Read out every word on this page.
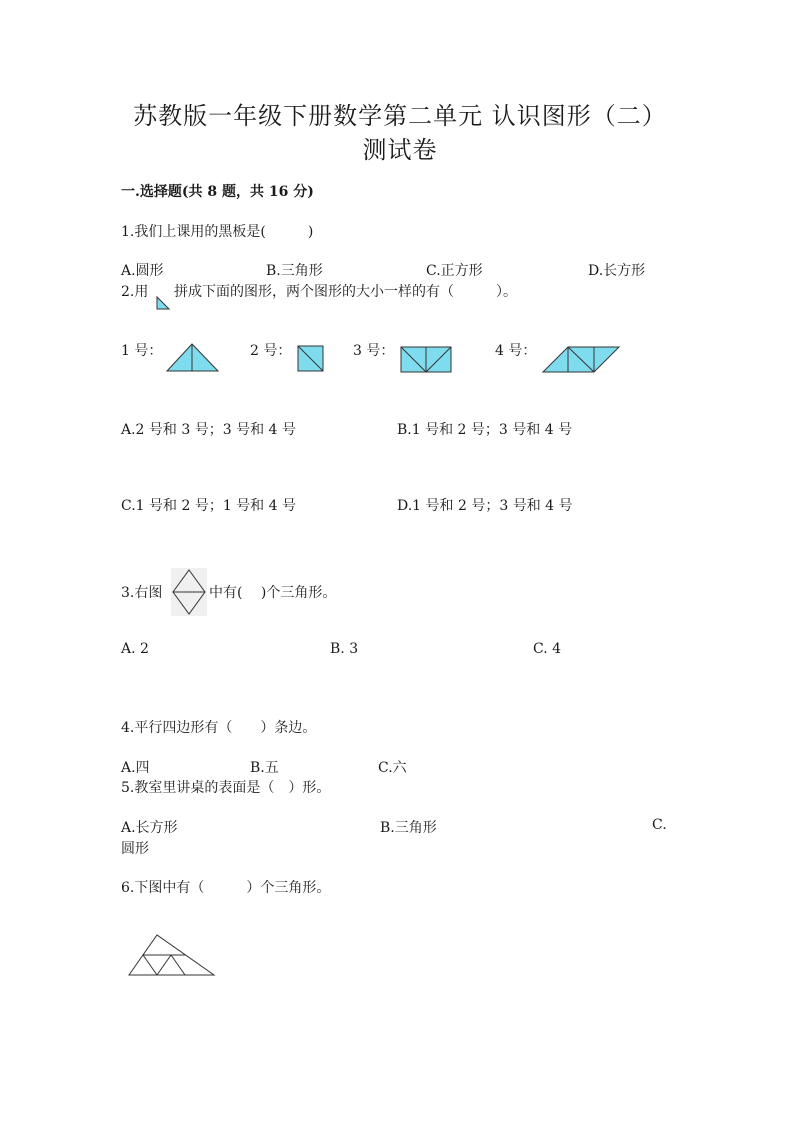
苏教版一年级下册数学第二单元 认识图形（二）
测试卷
一.选择题(共 8 题，共 16 分)
1.我们上课用的黑板是(　　　)
A.圆形	B.三角形	C.正方形	D.长方形
2.用 拼成下面的图形，两个图形的大小一样的有（　　　）。
1 号：	2 号：	3 号：	4 号：
A.2 号和 3 号；3 号和 4 号	B.1 号和 2 号；3 号和 4 号
C.1 号和 2 号；1 号和 4 号	D.1 号和 2 号；3 号和 4 号
3.右图	中有(　 )个三角形。
A. 2	B. 3	C. 4
4.平行四边形有（　　）条边。
A.四	B.五	C.六
5.教室里讲桌的表面是（　）形。
A.长方形	B.三角形	C.
圆形
6.下图中有（　　　）个三角形。
